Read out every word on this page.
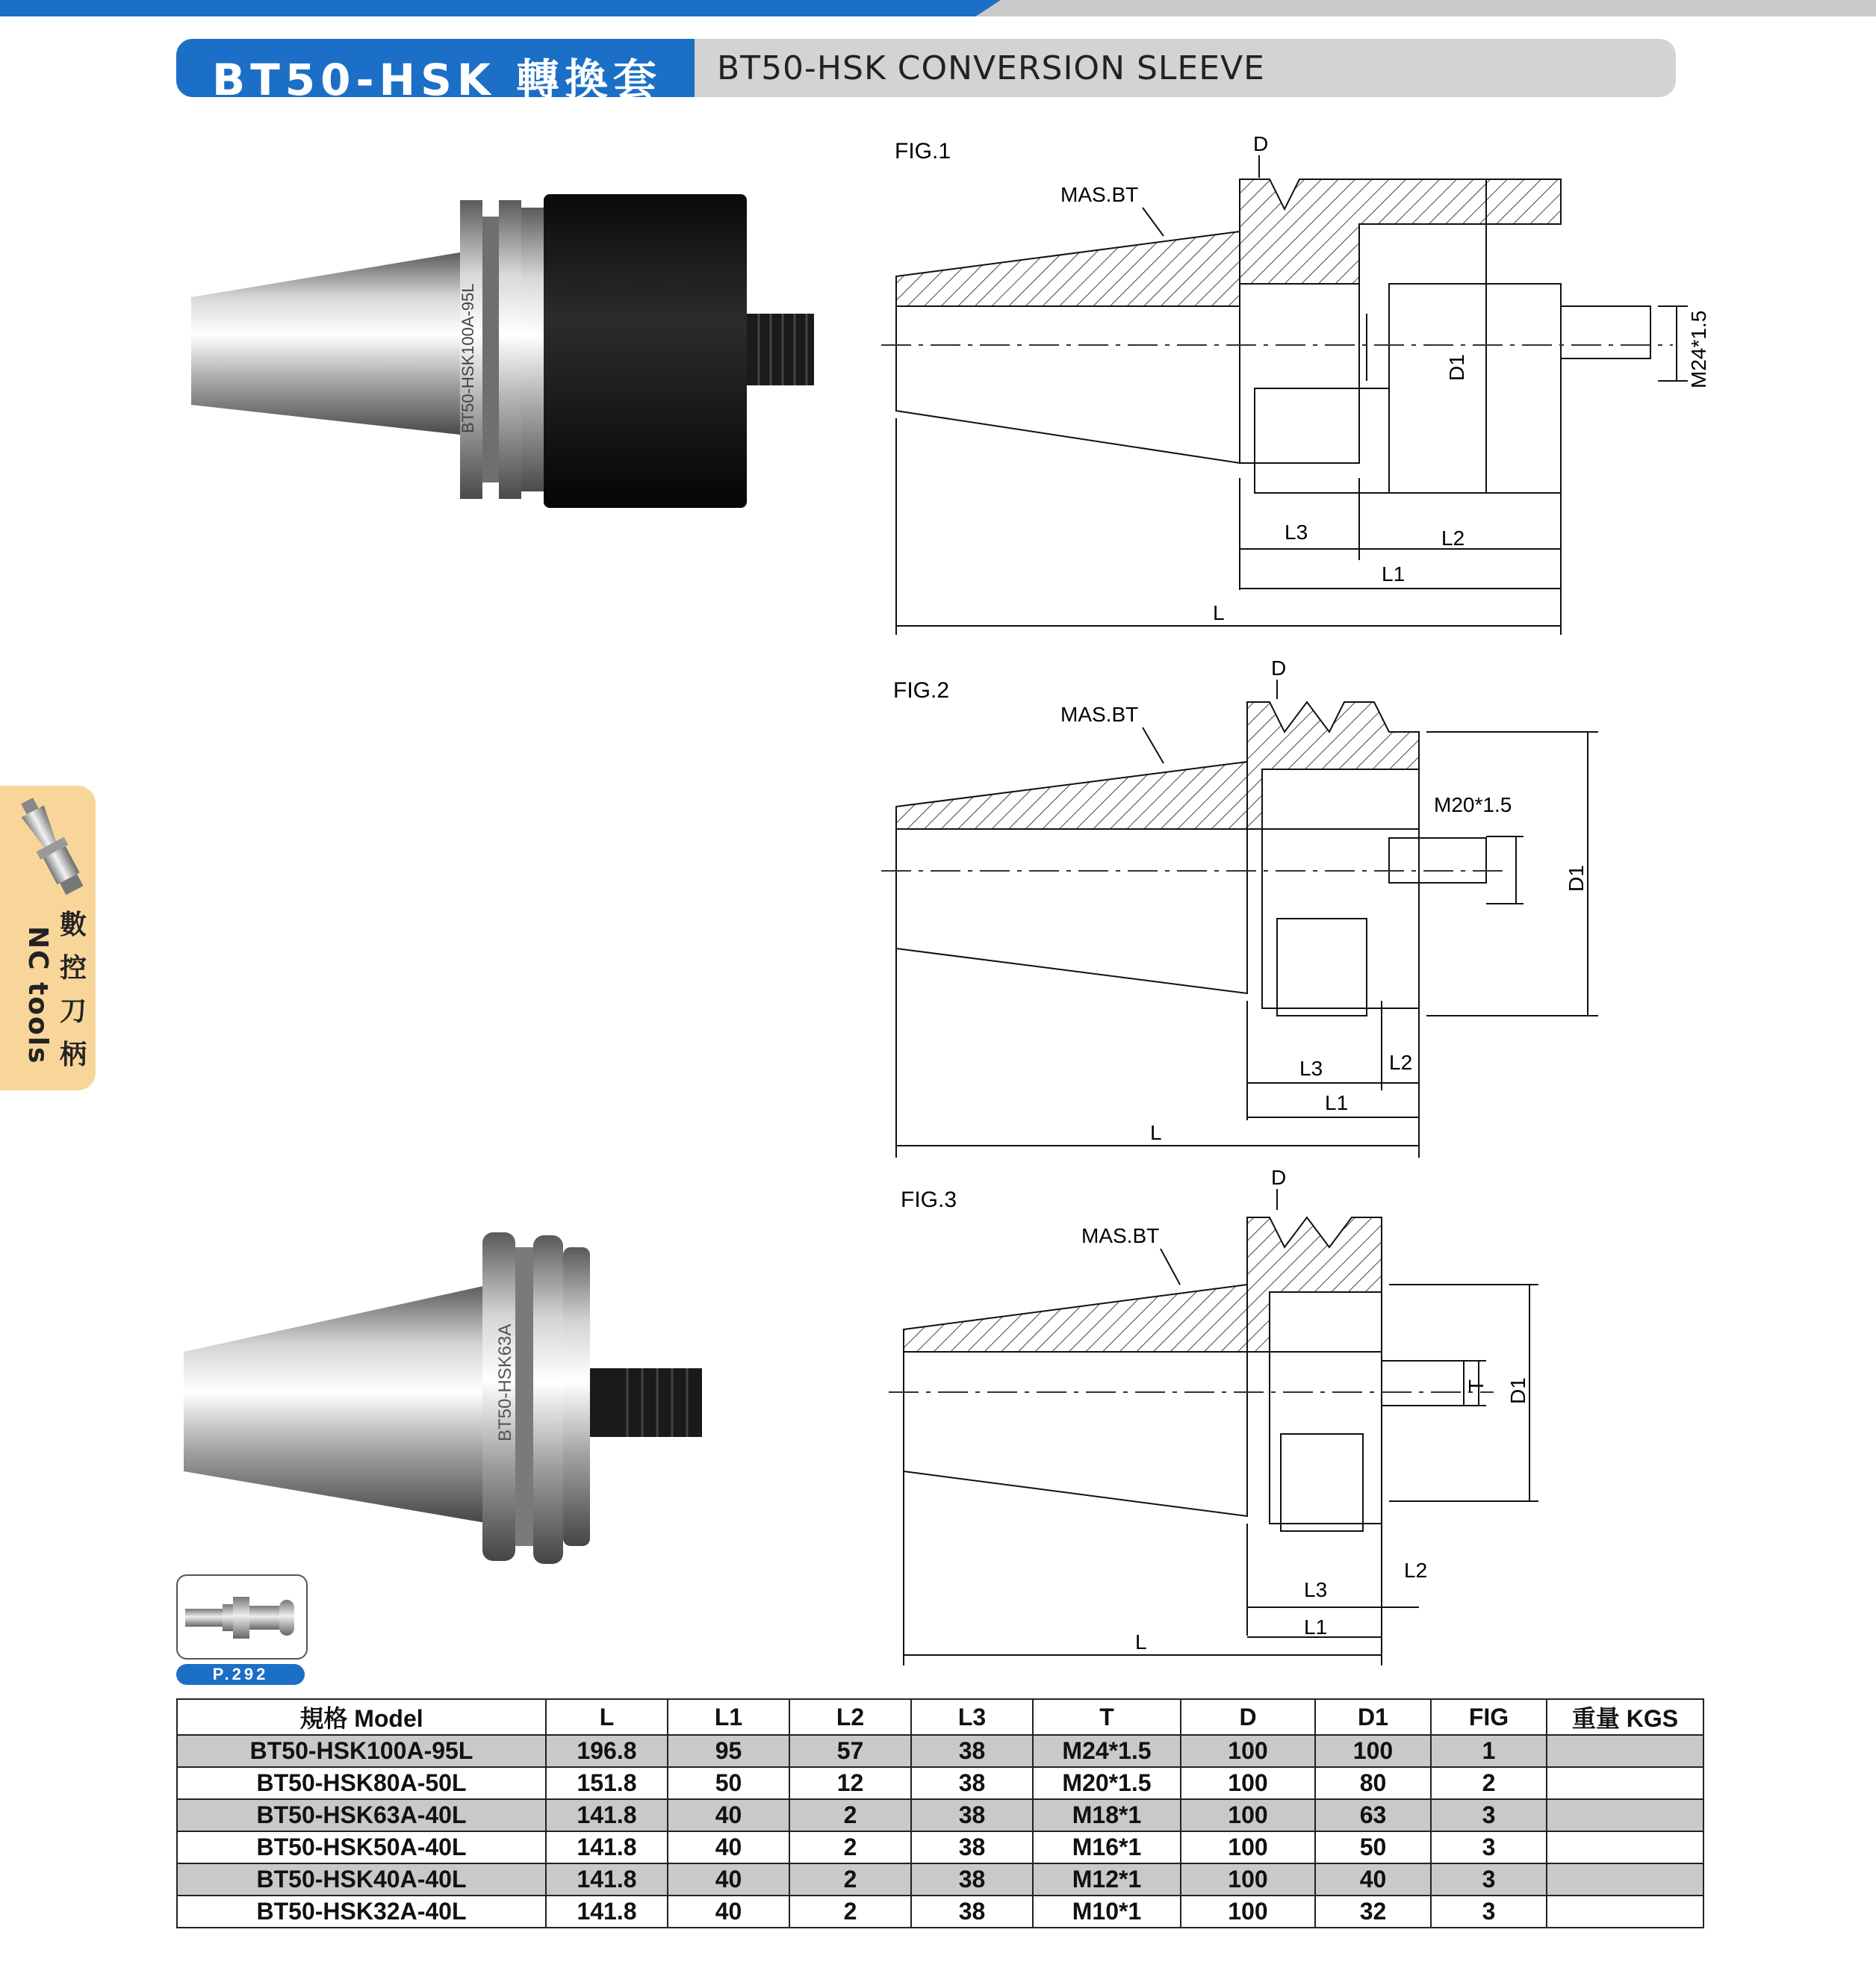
BT50-HSK 轉換套 BT50-HSK CONVERSION SLEEVE
數控刀柄
NC tools
BT50-HSK100A-95L
BT50-HSK63A
FIG.1
MAS.BT
D
D1	M24*1.5
L3	L2
L1
L
FIG.2
MAS.BT
D
M20*1.5
D1
L3	L2
L1
L
FIG.3
MAS.BT
D
T D1
L3
L2
L1
L
P.292
規格 Model	L	L1	L2	L3	T	D	D1	FIG	重量 KGS
BT50-HSK100A-95L	196.8	95	57	38	M24*1.5	100	100	1	
BT50-HSK80A-50L	151.8	50	12	38	M20*1.5	100	80	2	
BT50-HSK63A-40L	141.8	40	2	38	M18*1	100	63	3	
BT50-HSK50A-40L	141.8	40	2	38	M16*1	100	50	3	
BT50-HSK40A-40L	141.8	40	2	38	M12*1	100	40	3	
BT50-HSK32A-40L	141.8	40	2	38	M10*1	100	32	3	
